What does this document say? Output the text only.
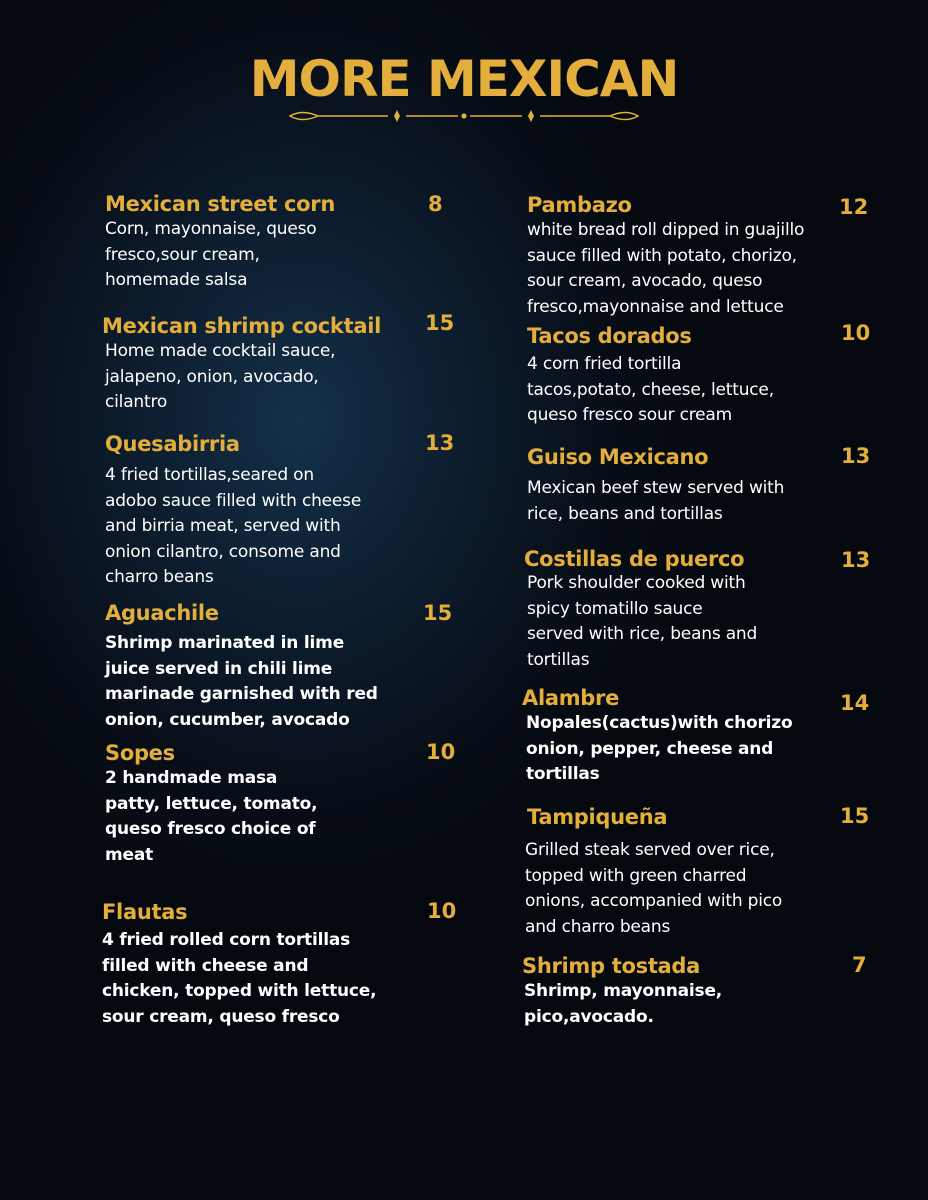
MORE MEXICAN
Mexican street corn
Corn, mayonnaise, queso
fresco,sour cream,
homemade salsa
8
Mexican shrimp cocktail
Home made cocktail sauce,
jalapeno, onion, avocado,
cilantro
15
Quesabirria
4 fried tortillas,seared on
adobo sauce filled with cheese
and birria meat, served with
onion cilantro, consome and
charro beans
13
Aguachile
Shrimp marinated in lime
juice served in chili lime
marinade garnished with red
onion, cucumber, avocado
15
Sopes
2 handmade masa
patty, lettuce, tomato,
queso fresco choice of
meat
10
Flautas
4 fried rolled corn tortillas
filled with cheese and
chicken, topped with lettuce,
sour cream, queso fresco
10
Pambazo
white bread roll dipped in guajillo
sauce filled with potato, chorizo,
sour cream, avocado, queso
fresco,mayonnaise and lettuce
12
Tacos dorados
4 corn fried tortilla
tacos,potato, cheese, lettuce,
queso fresco sour cream
10
Guiso Mexicano
Mexican beef stew served with
rice, beans and tortillas
13
Costillas de puerco
Pork shoulder cooked with
spicy tomatillo sauce
served with rice, beans and
tortillas
13
Alambre
Nopales(cactus)with chorizo
onion, pepper, cheese and
tortillas
14
Tampiqueña
Grilled steak served over rice,
topped with green charred
onions, accompanied with pico
and charro beans
15
Shrimp tostada
Shrimp, mayonnaise,
pico,avocado.
7
